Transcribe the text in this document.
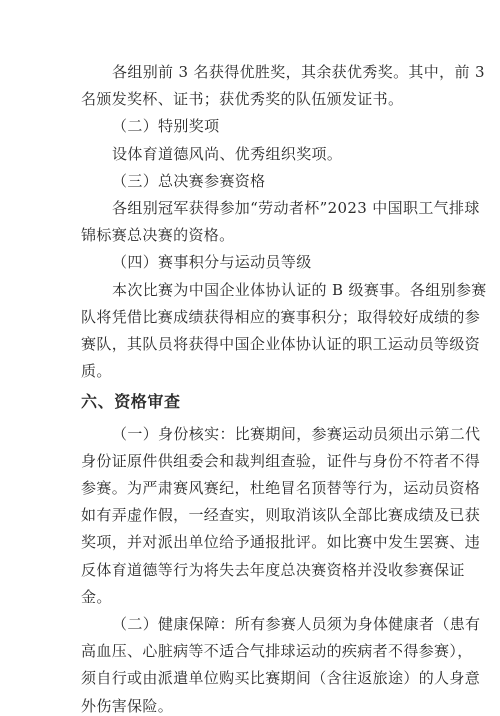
各组别前 3 名获得优胜奖，其余获优秀奖。其中，前 3
名颁发奖杯、证书；获优秀奖的队伍颁发证书。
（二）特别奖项
设体育道德风尚、优秀组织奖项。
（三）总决赛参赛资格
各组别冠军获得参加“劳动者杯”2023 中国职工气排球
锦标赛总决赛的资格。
（四）赛事积分与运动员等级
本次比赛为中国企业体协认证的 B 级赛事。各组别参赛
队将凭借比赛成绩获得相应的赛事积分；取得较好成绩的参
赛队，其队员将获得中国企业体协认证的职工运动员等级资
质。
六、资格审查
（一）身份核实：比赛期间，参赛运动员须出示第二代
身份证原件供组委会和裁判组查验，证件与身份不符者不得
参赛。为严肃赛风赛纪，杜绝冒名顶替等行为，运动员资格
如有弄虚作假，一经查实，则取消该队全部比赛成绩及已获
奖项，并对派出单位给予通报批评。如比赛中发生罢赛、违
反体育道德等行为将失去年度总决赛资格并没收参赛保证
金。
（二）健康保障：所有参赛人员须为身体健康者（患有
高血压、心脏病等不适合气排球运动的疾病者不得参赛），
须自行或由派遣单位购买比赛期间（含往返旅途）的人身意
外伤害保险。
